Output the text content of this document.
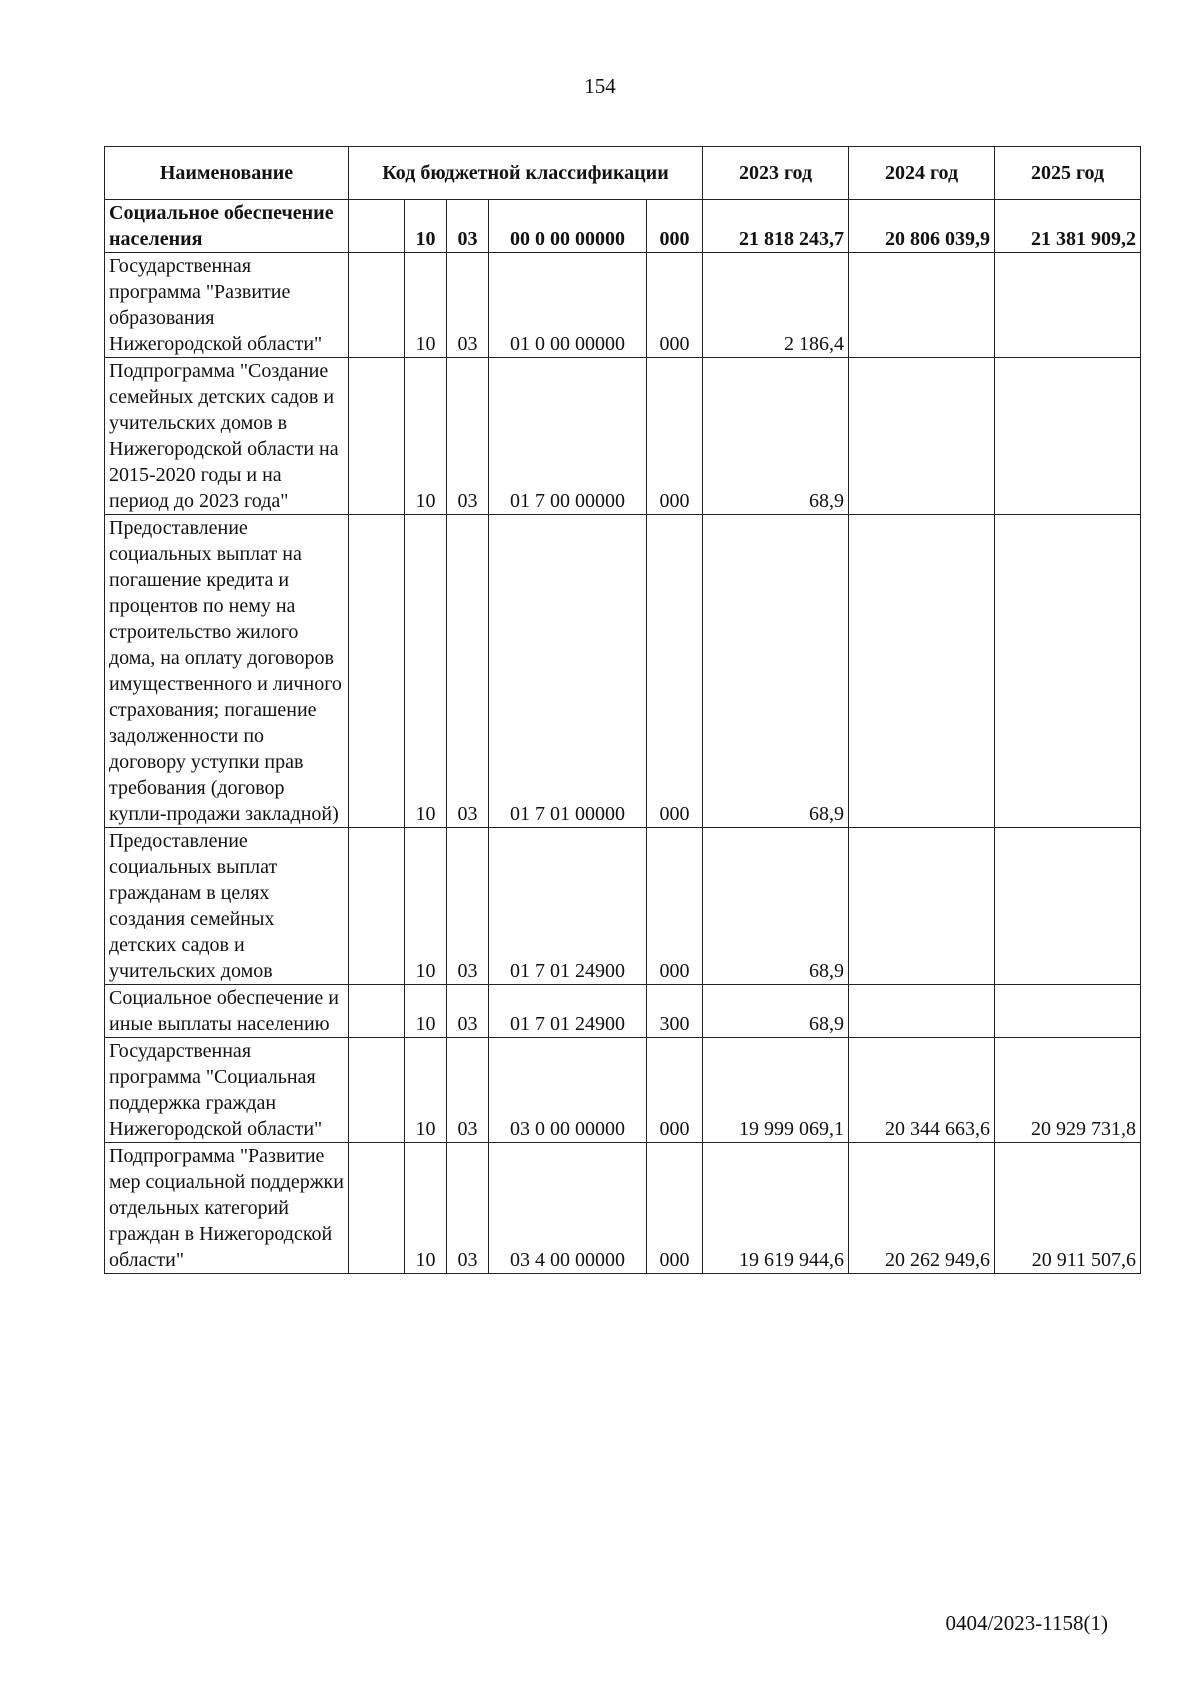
154
Наименование	Код бюджетной классификации					2023 год	2024 год	2025 год
Социальное обеспечение населения		10	03	00 0 00 00000	000	21 818 243,7	20 806 039,9	21 381 909,2
Государственная программа "Развитие образования Нижегородской области"		10	03	01 0 00 00000	000	2 186,4		
Подпрограмма "Создание семейных детских садов и учительских домов в Нижегородской области на 2015-2020 годы и на период до 2023 года"		10	03	01 7 00 00000	000	68,9		
Предоставление социальных выплат на погашение кредита и процентов по нему на строительство жилого дома, на оплату договоров имущественного и личного страхования; погашение задолженности по договору уступки прав требования (договор купли-продажи закладной)		10	03	01 7 01 00000	000	68,9		
Предоставление социальных выплат гражданам в целях создания семейных детских садов и учительских домов		10	03	01 7 01 24900	000	68,9		
Социальное обеспечение и иные выплаты населению		10	03	01 7 01 24900	300	68,9		
Государственная программа "Социальная поддержка граждан Нижегородской области"		10	03	03 0 00 00000	000	19 999 069,1	20 344 663,6	20 929 731,8
Подпрограмма "Развитие мер социальной поддержки отдельных категорий граждан в Нижегородской области"		10	03	03 4 00 00000	000	19 619 944,6	20 262 949,6	20 911 507,6
0404/2023-1158(1)
